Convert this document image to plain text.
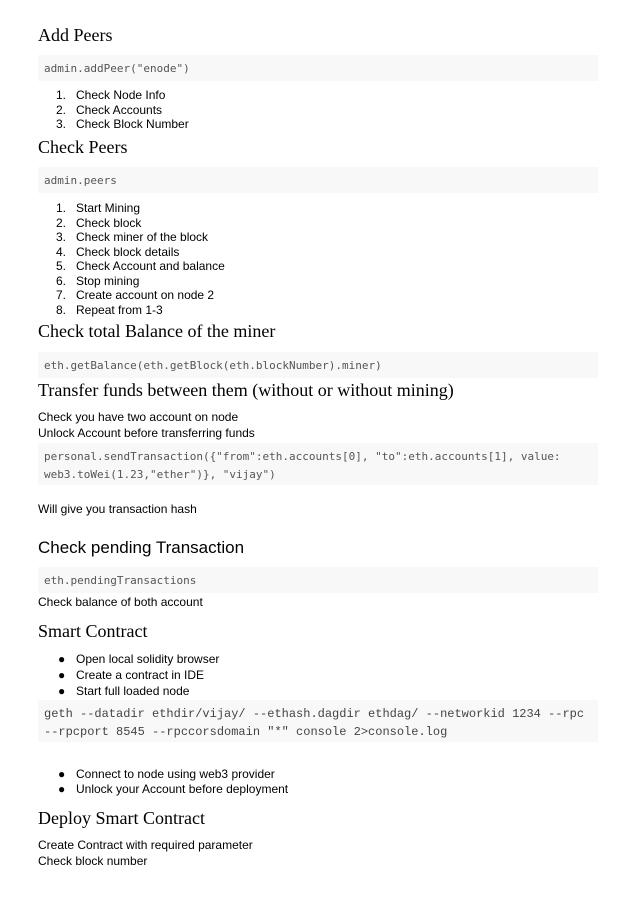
Add Peers
admin.addPeer("enode")
1. Check Node Info
2. Check Accounts
3. Check Block Number
Check Peers
admin.peers
1. Start Mining
2. Check block
3. Check miner of the block
4. Check block details
5. Check Account and balance
6. Stop mining
7. Create account on node 2
8. Repeat from 1-3
Check total Balance of the miner
eth.getBalance(eth.getBlock(eth.blockNumber).miner)
Transfer funds between them (without or without mining)

Check you have two account on node

Unlock Account before transferring funds

personal.sendTransaction({"from":eth.accounts[0], "to":eth.accounts[1], value:
web3.toWei(1.23,"ether")}, "vijay")

Will give you transaction hash

Check pending Transaction
eth.pendingTransactions

Check balance of both account

Smart Contract
● Open local solidity browser
● Create a contract in IDE
● Start full loaded node
geth --datadir ethdir/vijay/ --ethash.dagdir ethdag/ --networkid 1234 --rpc
--rpcport 8545 --rpccorsdomain "*" console 2>console.log
● Connect to node using web3 provider
● Unlock your Account before deployment
Deploy Smart Contract

Create Contract with required parameter

Check block number
